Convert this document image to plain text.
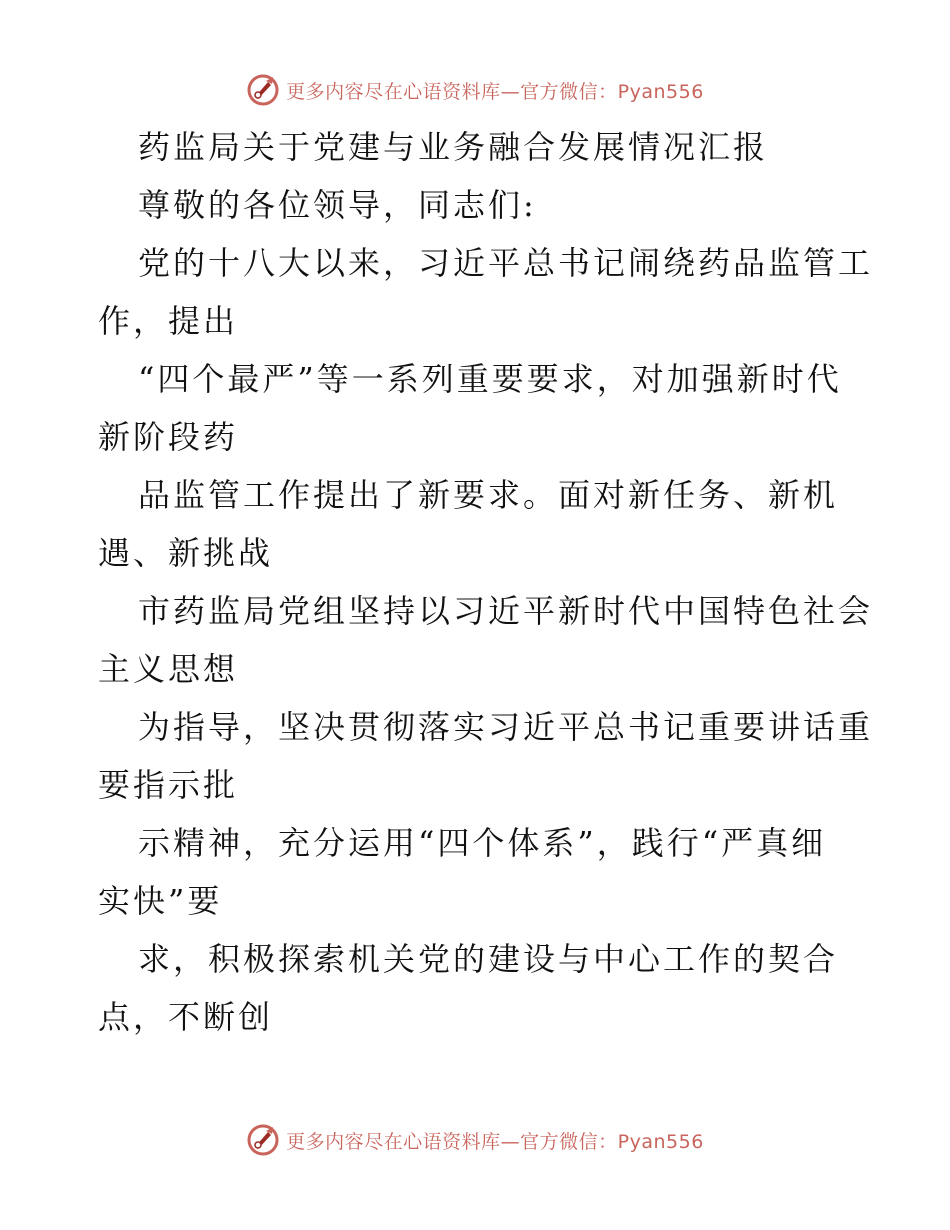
更多内容尽在心语资料库—官方微信：Pyan556
药监局关于党建与业务融合发展情况汇报
尊敬的各位领导，同志们:
党的十八大以来，习近平总书记闹绕药品监管工
作，提出
“四个最严”等一系列重要要求，对加强新时代
新阶段药
品监管工作提出了新要求。面对新任务、新机
遇、新挑战
市药监局党组坚持以习近平新时代中国特色社会
主义思想
为指导，坚决贯彻落实习近平总书记重要讲话重
要指示批
示精神，充分运用“四个体系”，践行“严真细
实快”要
求，积极探索机关党的建设与中心工作的契合
点，不断创
更多内容尽在心语资料库—官方微信：Pyan556
